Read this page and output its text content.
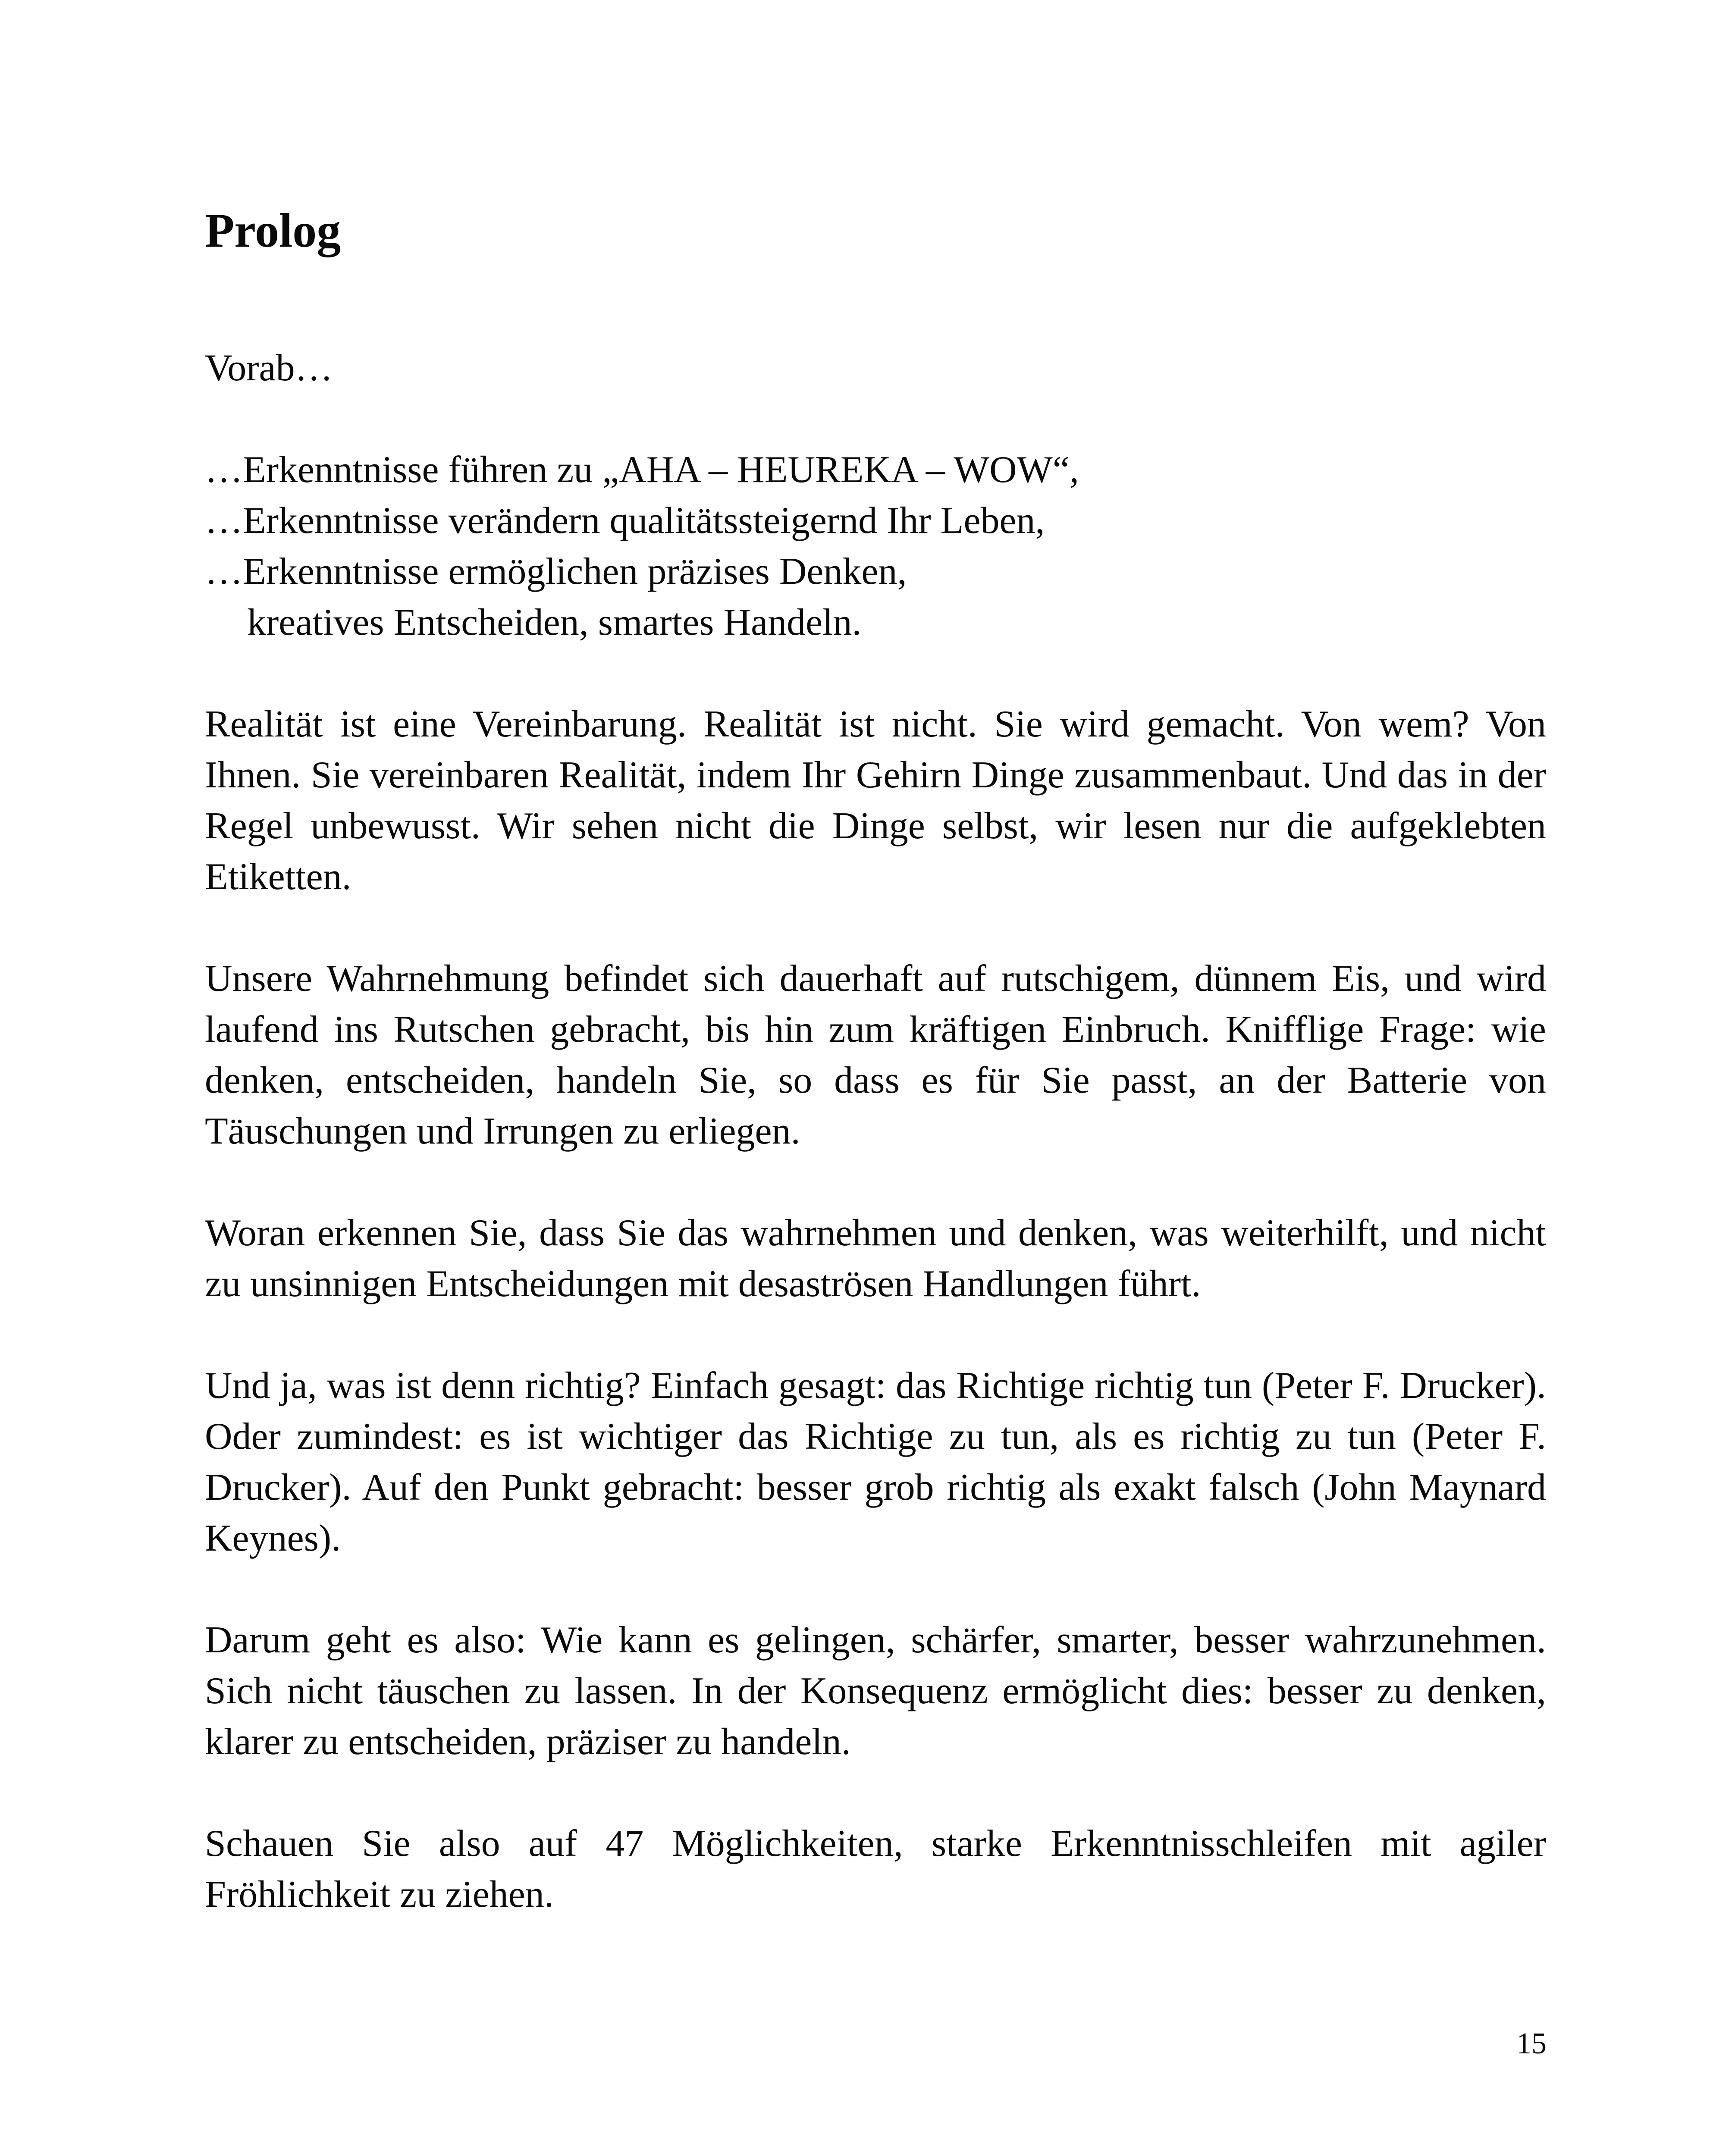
Prolog

Vorab…

…Erkenntnisse führen zu „AHA – HEUREKA – WOW“,
…Erkenntnisse verändern qualitätssteigernd Ihr Leben,
…Erkenntnisse ermöglichen präzises Denken,
kreatives Entscheiden, smartes Handeln.

Realität ist eine Vereinbarung. Realität ist nicht. Sie wird gemacht. Von wem? Von Ihnen. Sie vereinbaren Realität, indem Ihr Gehirn Dinge zusammenbaut. Und das in der Regel unbewusst. Wir sehen nicht die Dinge selbst, wir lesen nur die aufgeklebten Etiketten.

Unsere Wahrnehmung befindet sich dauerhaft auf rutschigem, dünnem Eis, und wird laufend ins Rutschen gebracht, bis hin zum kräftigen Einbruch. Knifflige Frage: wie denken, entscheiden, handeln Sie, so dass es für Sie passt, an der Batterie von Täuschungen und Irrungen zu erliegen.

Woran erkennen Sie, dass Sie das wahrnehmen und denken, was weiterhilft, und nicht zu unsinnigen Entscheidungen mit desaströsen Handlungen führt.

Und ja, was ist denn richtig? Einfach gesagt: das Richtige richtig tun (Peter F. Drucker). Oder zumindest: es ist wichtiger das Richtige zu tun, als es richtig zu tun (Peter F. Drucker). Auf den Punkt gebracht: besser grob richtig als exakt falsch (John Maynard Keynes).

Darum geht es also: Wie kann es gelingen, schärfer, smarter, besser wahrzunehmen. Sich nicht täuschen zu lassen. In der Konsequenz ermöglicht dies: besser zu denken, klarer zu entscheiden, präziser zu handeln.

Schauen Sie also auf 47 Möglichkeiten, starke Erkenntnisschleifen mit agiler Fröhlichkeit zu ziehen.

15
